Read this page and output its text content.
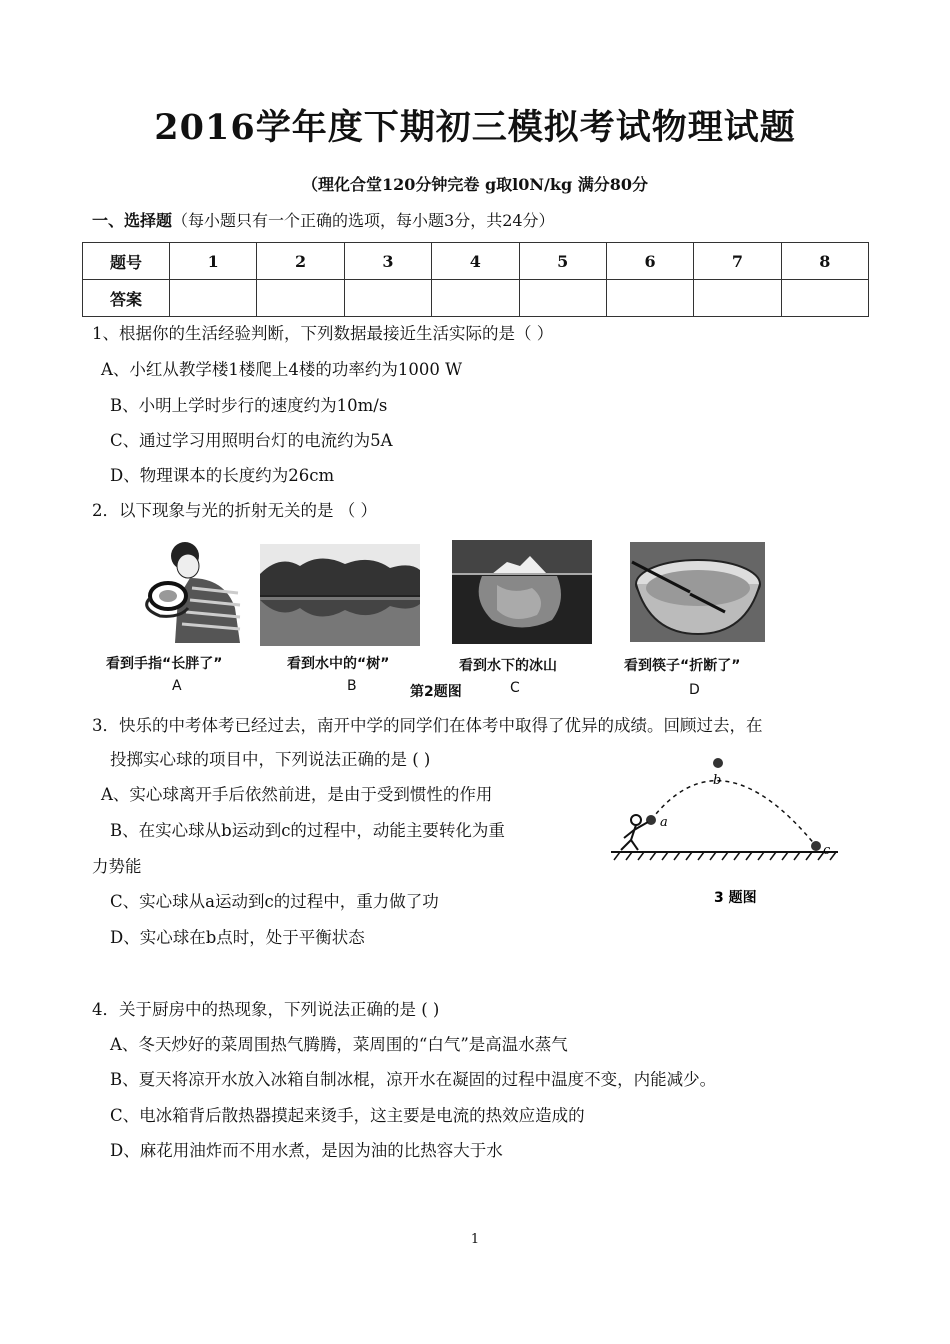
2016学年度下期初三模拟考试物理试题
（理化合堂120分钟完卷 g取l0N/kg 满分80分
一、选择题（每小题只有一个正确的选项，每小题3分，共24分）
题号	1	2	3	4	5	6	7	8
答案								
1、根据你的生活经验判断，下列数据最接近生活实际的是（ ）
A、小红从教学楼1楼爬上4楼的功率约为1000 W
B、小明上学时步行的速度约为10m/s
C、通过学习用照明台灯的电流约为5A
D、物理课本的长度约为26cm
2．以下现象与光的折射无关的是 （ ）
看到手指“长胖了”	看到水中的“树”	看到水下的冰山	看到筷子“折断了”
A	B	第2题图	C	D
3．快乐的中考体考已经过去，南开中学的同学们在体考中取得了优异的成绩。回顾过去，在
投掷实心球的项目中，下列说法正确的是 ( )
A、实心球离开手后依然前进，是由于受到惯性的作用
B、在实心球从b运动到c的过程中，动能主要转化为重
力势能
C、实心球从a运动到c的过程中，重力做了功
D、实心球在b点时，处于平衡状态
a
b
c
3 题图
4．关于厨房中的热现象，下列说法正确的是 ( )
A、冬天炒好的菜周围热气腾腾，菜周围的“白气”是高温水蒸气
B、夏天将凉开水放入冰箱自制冰棍，凉开水在凝固的过程中温度不变，内能减少。
C、电冰箱背后散热器摸起来烫手，这主要是电流的热效应造成的
D、麻花用油炸而不用水煮，是因为油的比热容大于水
1
